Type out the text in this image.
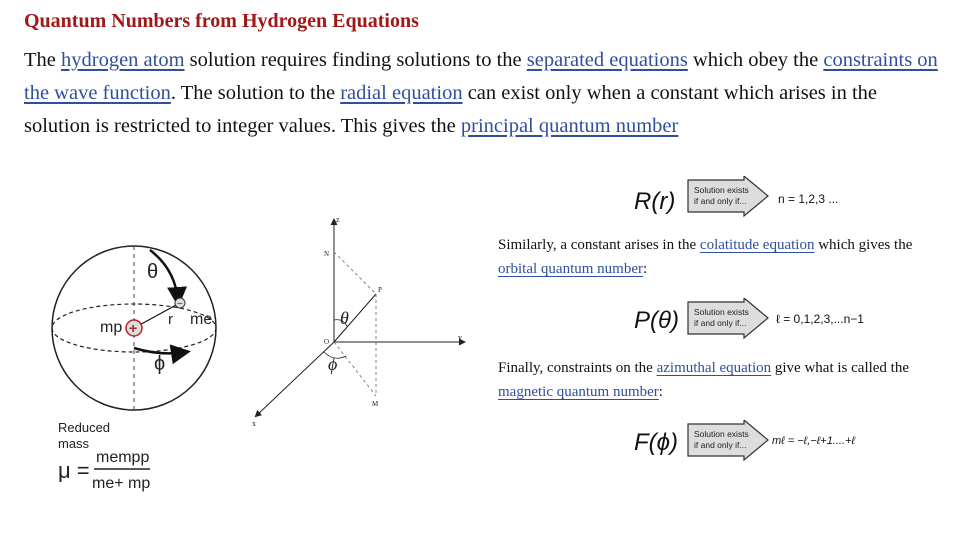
Quantum Numbers from Hydrogen Equations
The hydrogen atom solution requires finding solutions to the separated equations which obey the constraints on the wave function. The solution to the radial equation can exist only when a constant which arises in the solution is restricted to integer values. This gives the principal quantum number
R(r) Solution exists
if and only if...	n = 1,2,3 ...
Similarly, a constant arises in the colatitude equation which gives the orbital quantum number:
P(θ) Solution exists
if and only if... ℓ = 0,1,2,3,...n−1
Finally, constraints on the azimuthal equation give what is called the magnetic quantum number:
F(ϕ) Solution exists
if and only if... mℓ = −ℓ,−ℓ+1....+ℓ
+
−
θ
ϕ
mp	me
r
Reduced
mass
μ =
mempp
me+ mp
z
y
x
N
M
O
P
θ
ϕ
